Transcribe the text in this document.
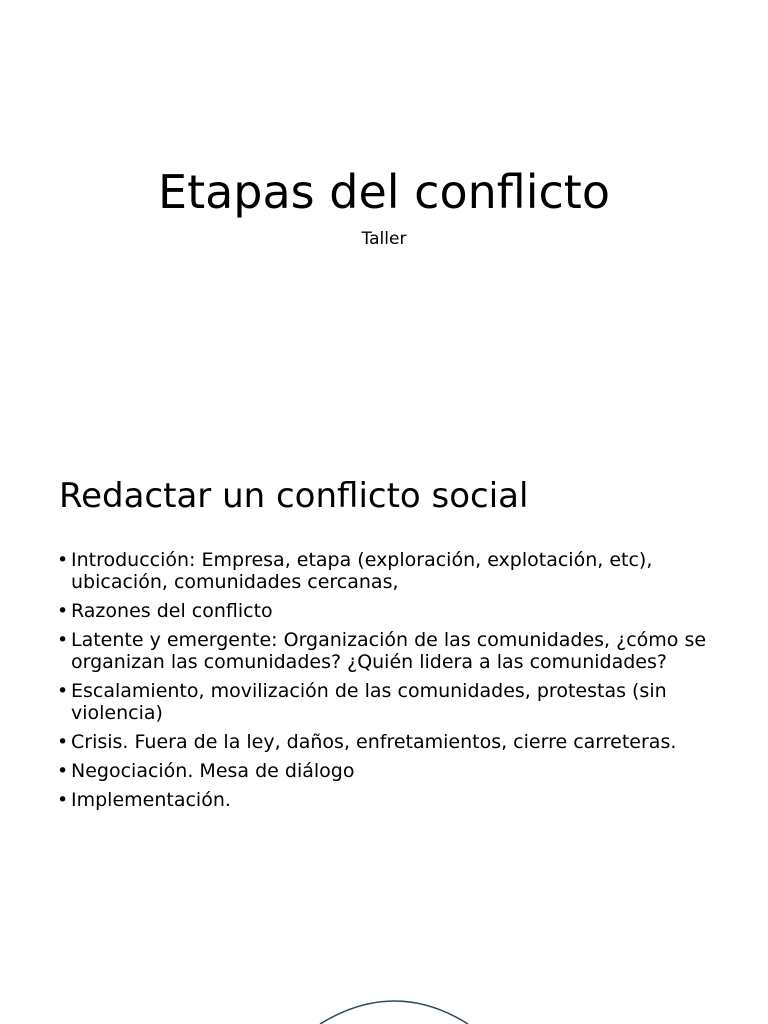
Etapas del conflicto

Taller

Redactar un conflicto social
• Introducción: Empresa, etapa (exploración, explotación, etc), ubicación, comunidades cercanas,
• Razones del conflicto
• Latente y emergente: Organización de las comunidades, ¿cómo se organizan las comunidades? ¿Quién lidera a las comunidades?
• Escalamiento, movilización de las comunidades, protestas (sin violencia)
• Crisis. Fuera de la ley, daños, enfretamientos, cierre carreteras.
• Negociación. Mesa de diálogo
• Implementación.
